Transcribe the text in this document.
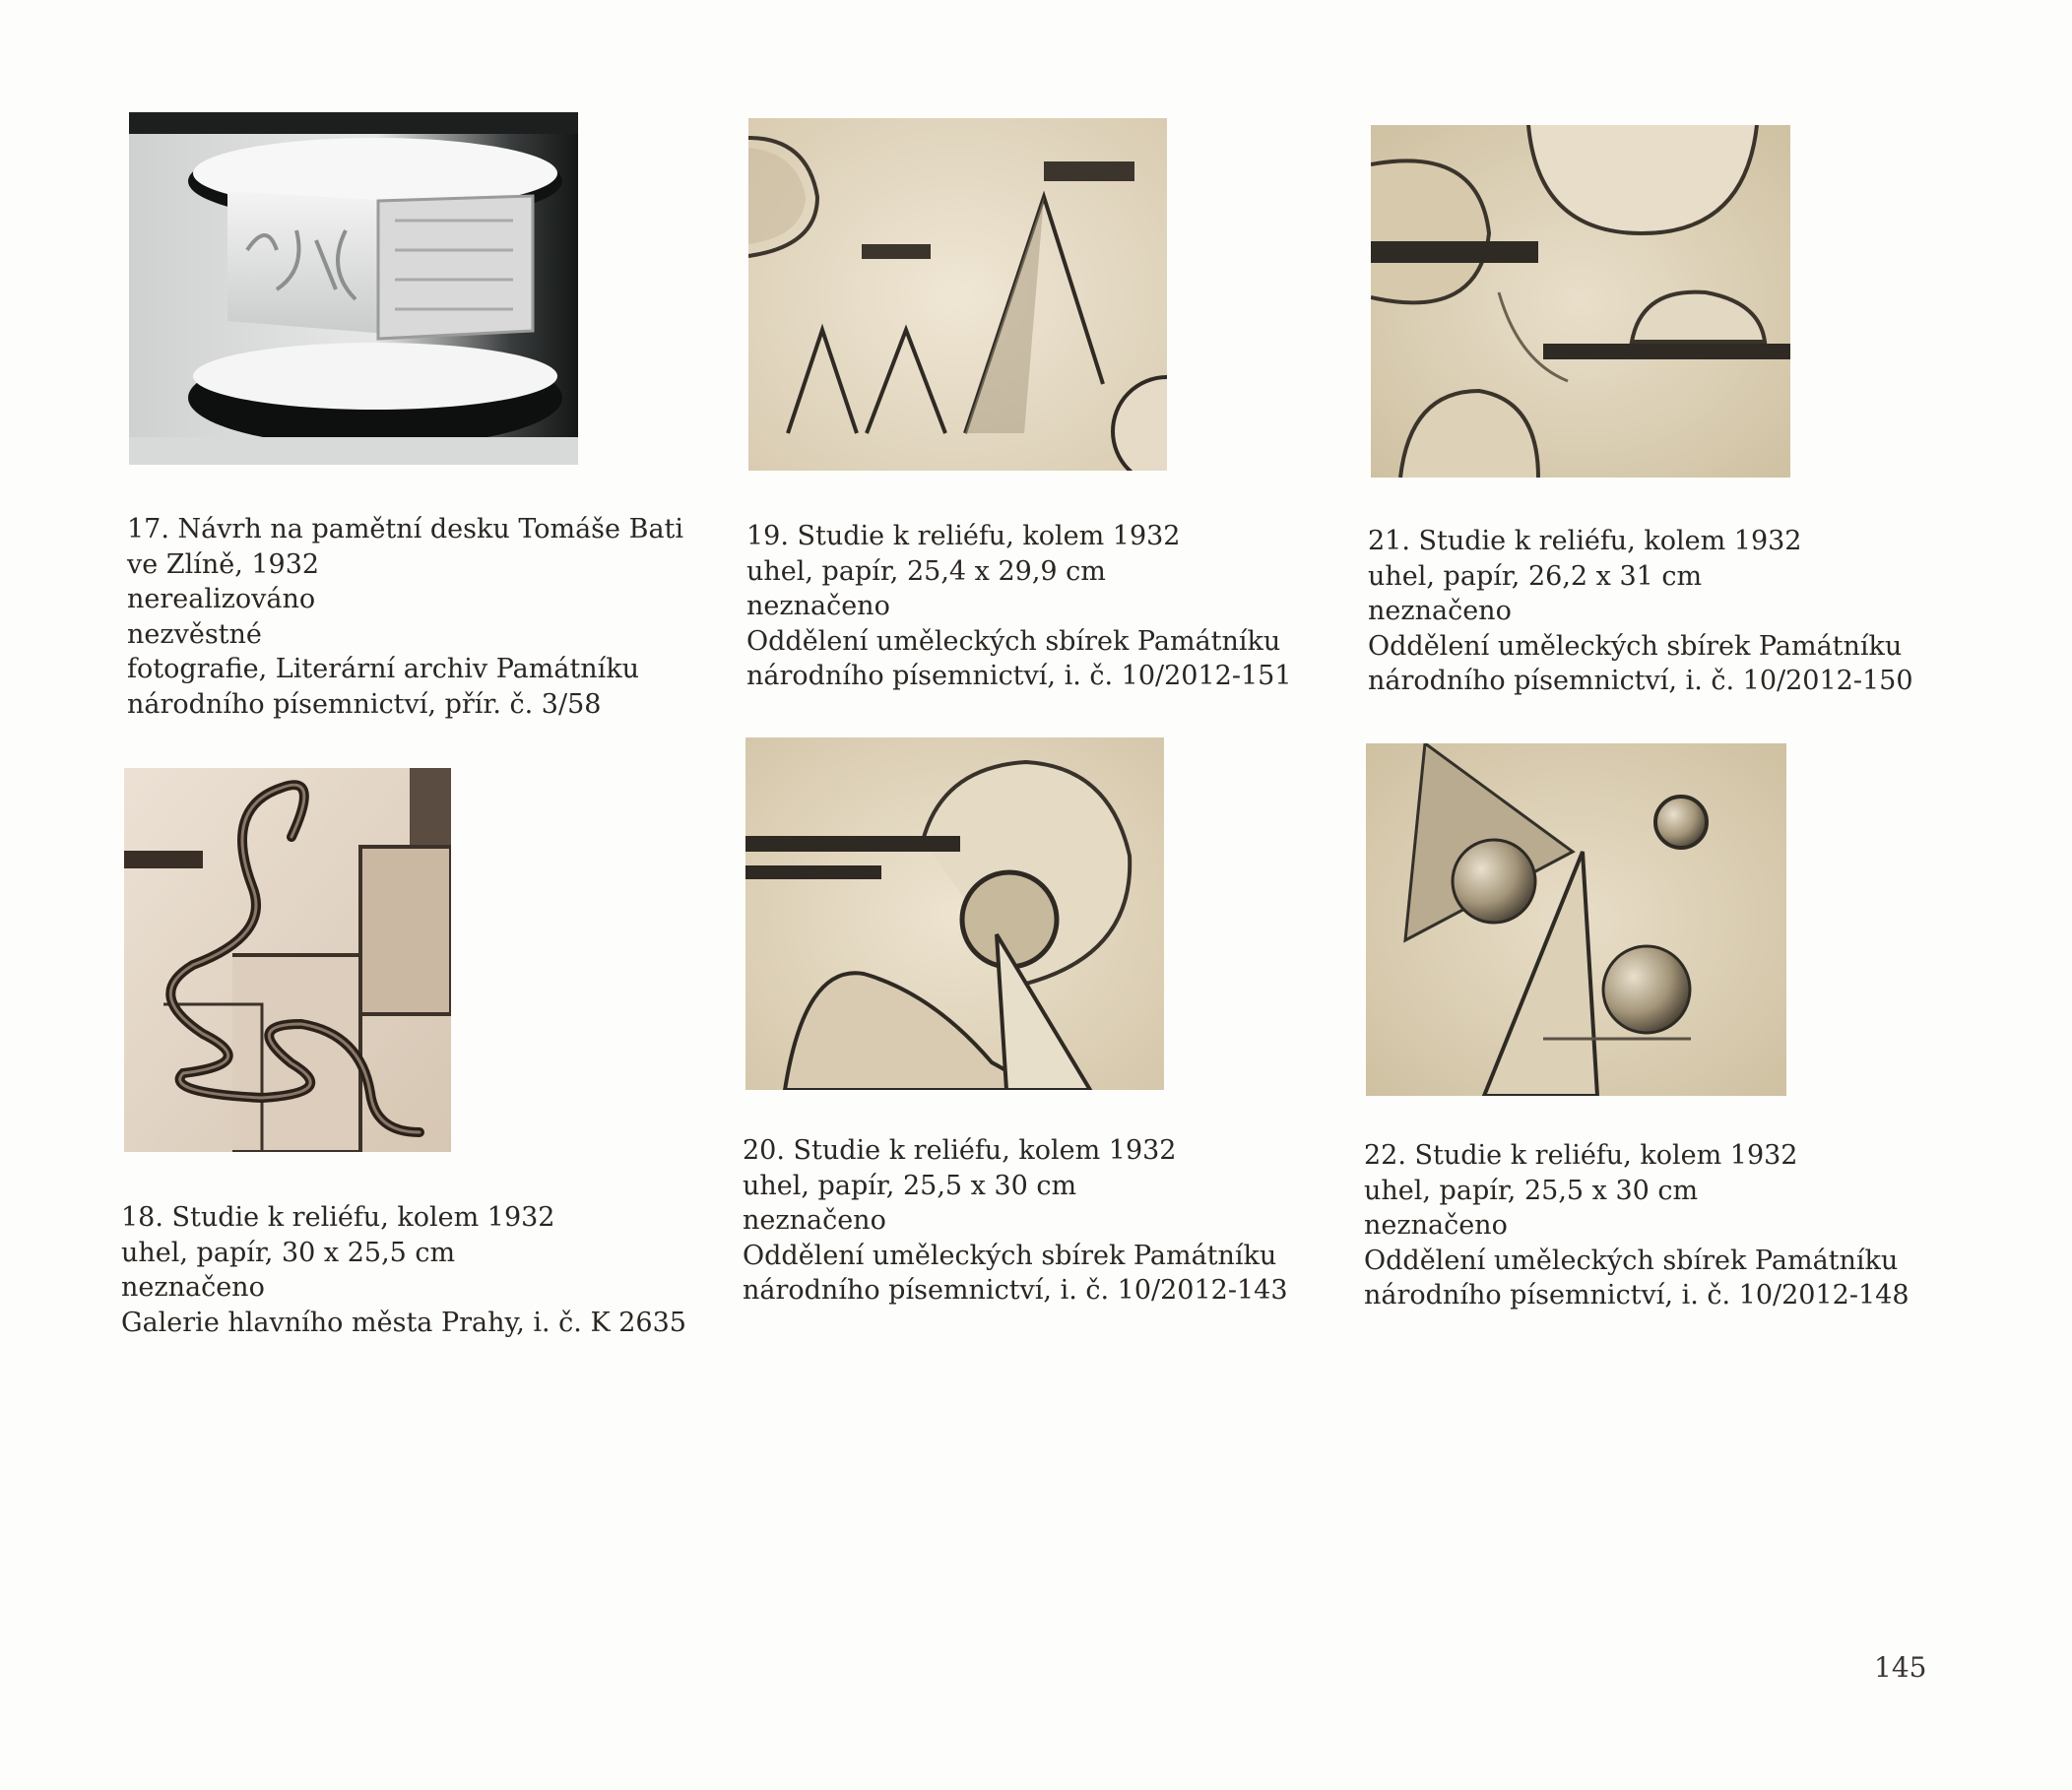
17. Návrh na pamětní desku Tomáše Bati
ve Zlíně, 1932
nerealizováno
nezvěstné
fotografie, Literární archiv Památníku
národního písemnictví, přír. č. 3/58
19. Studie k reliéfu, kolem 1932
uhel, papír, 25,4 x 29,9 cm
neznačeno
Oddělení uměleckých sbírek Památníku
národního písemnictví, i. č. 10/2012-151
21. Studie k reliéfu, kolem 1932
uhel, papír, 26,2 x 31 cm
neznačeno
Oddělení uměleckých sbírek Památníku
národního písemnictví, i. č. 10/2012-150
18. Studie k reliéfu, kolem 1932
uhel, papír, 30 x 25,5 cm
neznačeno
Galerie hlavního města Prahy, i. č. K 2635
20. Studie k reliéfu, kolem 1932
uhel, papír, 25,5 x 30 cm
neznačeno
Oddělení uměleckých sbírek Památníku
národního písemnictví, i. č. 10/2012-143
22. Studie k reliéfu, kolem 1932
uhel, papír, 25,5 x 30 cm
neznačeno
Oddělení uměleckých sbírek Památníku
národního písemnictví, i. č. 10/2012-148
145
